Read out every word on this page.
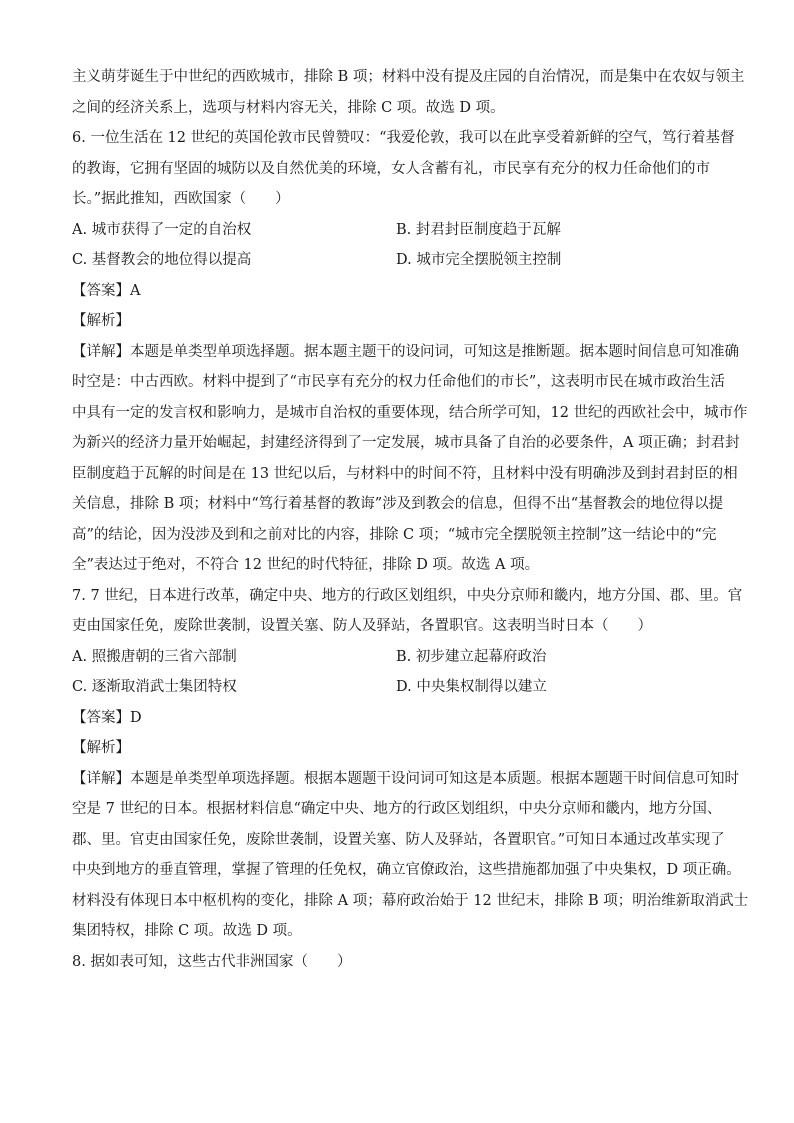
主义萌芽诞生于中世纪的西欧城市，排除 B 项；材料中没有提及庄园的自治情况，而是集中在农奴与领主
之间的经济关系上，选项与材料内容无关，排除 C 项。故选 D 项。
6. 一位生活在 12 世纪的英国伦敦市民曾赞叹：“我爱伦敦，我可以在此享受着新鲜的空气，笃行着基督
的教诲，它拥有坚固的城防以及自然优美的环境，女人含蓄有礼，市民享有充分的权力任命他们的市
长。”据此推知，西欧国家（　　）
A. 城市获得了一定的自治权	B. 封君封臣制度趋于瓦解
C. 基督教会的地位得以提高	D. 城市完全摆脱领主控制
【答案】A
【解析】
【详解】本题是单类型单项选择题。据本题主题干的设问词，可知这是推断题。据本题时间信息可知准确
时空是：中古西欧。材料中提到了“市民享有充分的权力任命他们的市长”，这表明市民在城市政治生活
中具有一定的发言权和影响力，是城市自治权的重要体现，结合所学可知，12 世纪的西欧社会中，城市作
为新兴的经济力量开始崛起，封建经济得到了一定发展，城市具备了自治的必要条件，A 项正确；封君封
臣制度趋于瓦解的时间是在 13 世纪以后，与材料中的时间不符，且材料中没有明确涉及到封君封臣的相
关信息，排除 B 项；材料中“笃行着基督的教诲”涉及到教会的信息，但得不出“基督教会的地位得以提
高”的结论，因为没涉及到和之前对比的内容，排除 C 项；“城市完全摆脱领主控制”这一结论中的“完
全”表达过于绝对，不符合 12 世纪的时代特征，排除 D 项。故选 A 项。
7. 7 世纪，日本进行改革，确定中央、地方的行政区划组织，中央分京师和畿内，地方分国、郡、里。官
吏由国家任免，废除世袭制，设置关塞、防人及驿站，各置职官。这表明当时日本（　　）
A. 照搬唐朝的三省六部制	B. 初步建立起幕府政治
C. 逐渐取消武士集团特权	D. 中央集权制得以建立
【答案】D
【解析】
【详解】本题是单类型单项选择题。根据本题题干设问词可知这是本质题。根据本题题干时间信息可知时
空是 7 世纪的日本。根据材料信息“确定中央、地方的行政区划组织，中央分京师和畿内，地方分国、
郡、里。官吏由国家任免，废除世袭制，设置关塞、防人及驿站，各置职官。”可知日本通过改革实现了
中央到地方的垂直管理，掌握了管理的任免权，确立官僚政治，这些措施都加强了中央集权，D 项正确。
材料没有体现日本中枢机构的变化，排除 A 项；幕府政治始于 12 世纪末，排除 B 项；明治维新取消武士
集团特权，排除 C 项。故选 D 项。
8. 据如表可知，这些古代非洲国家（　　）
